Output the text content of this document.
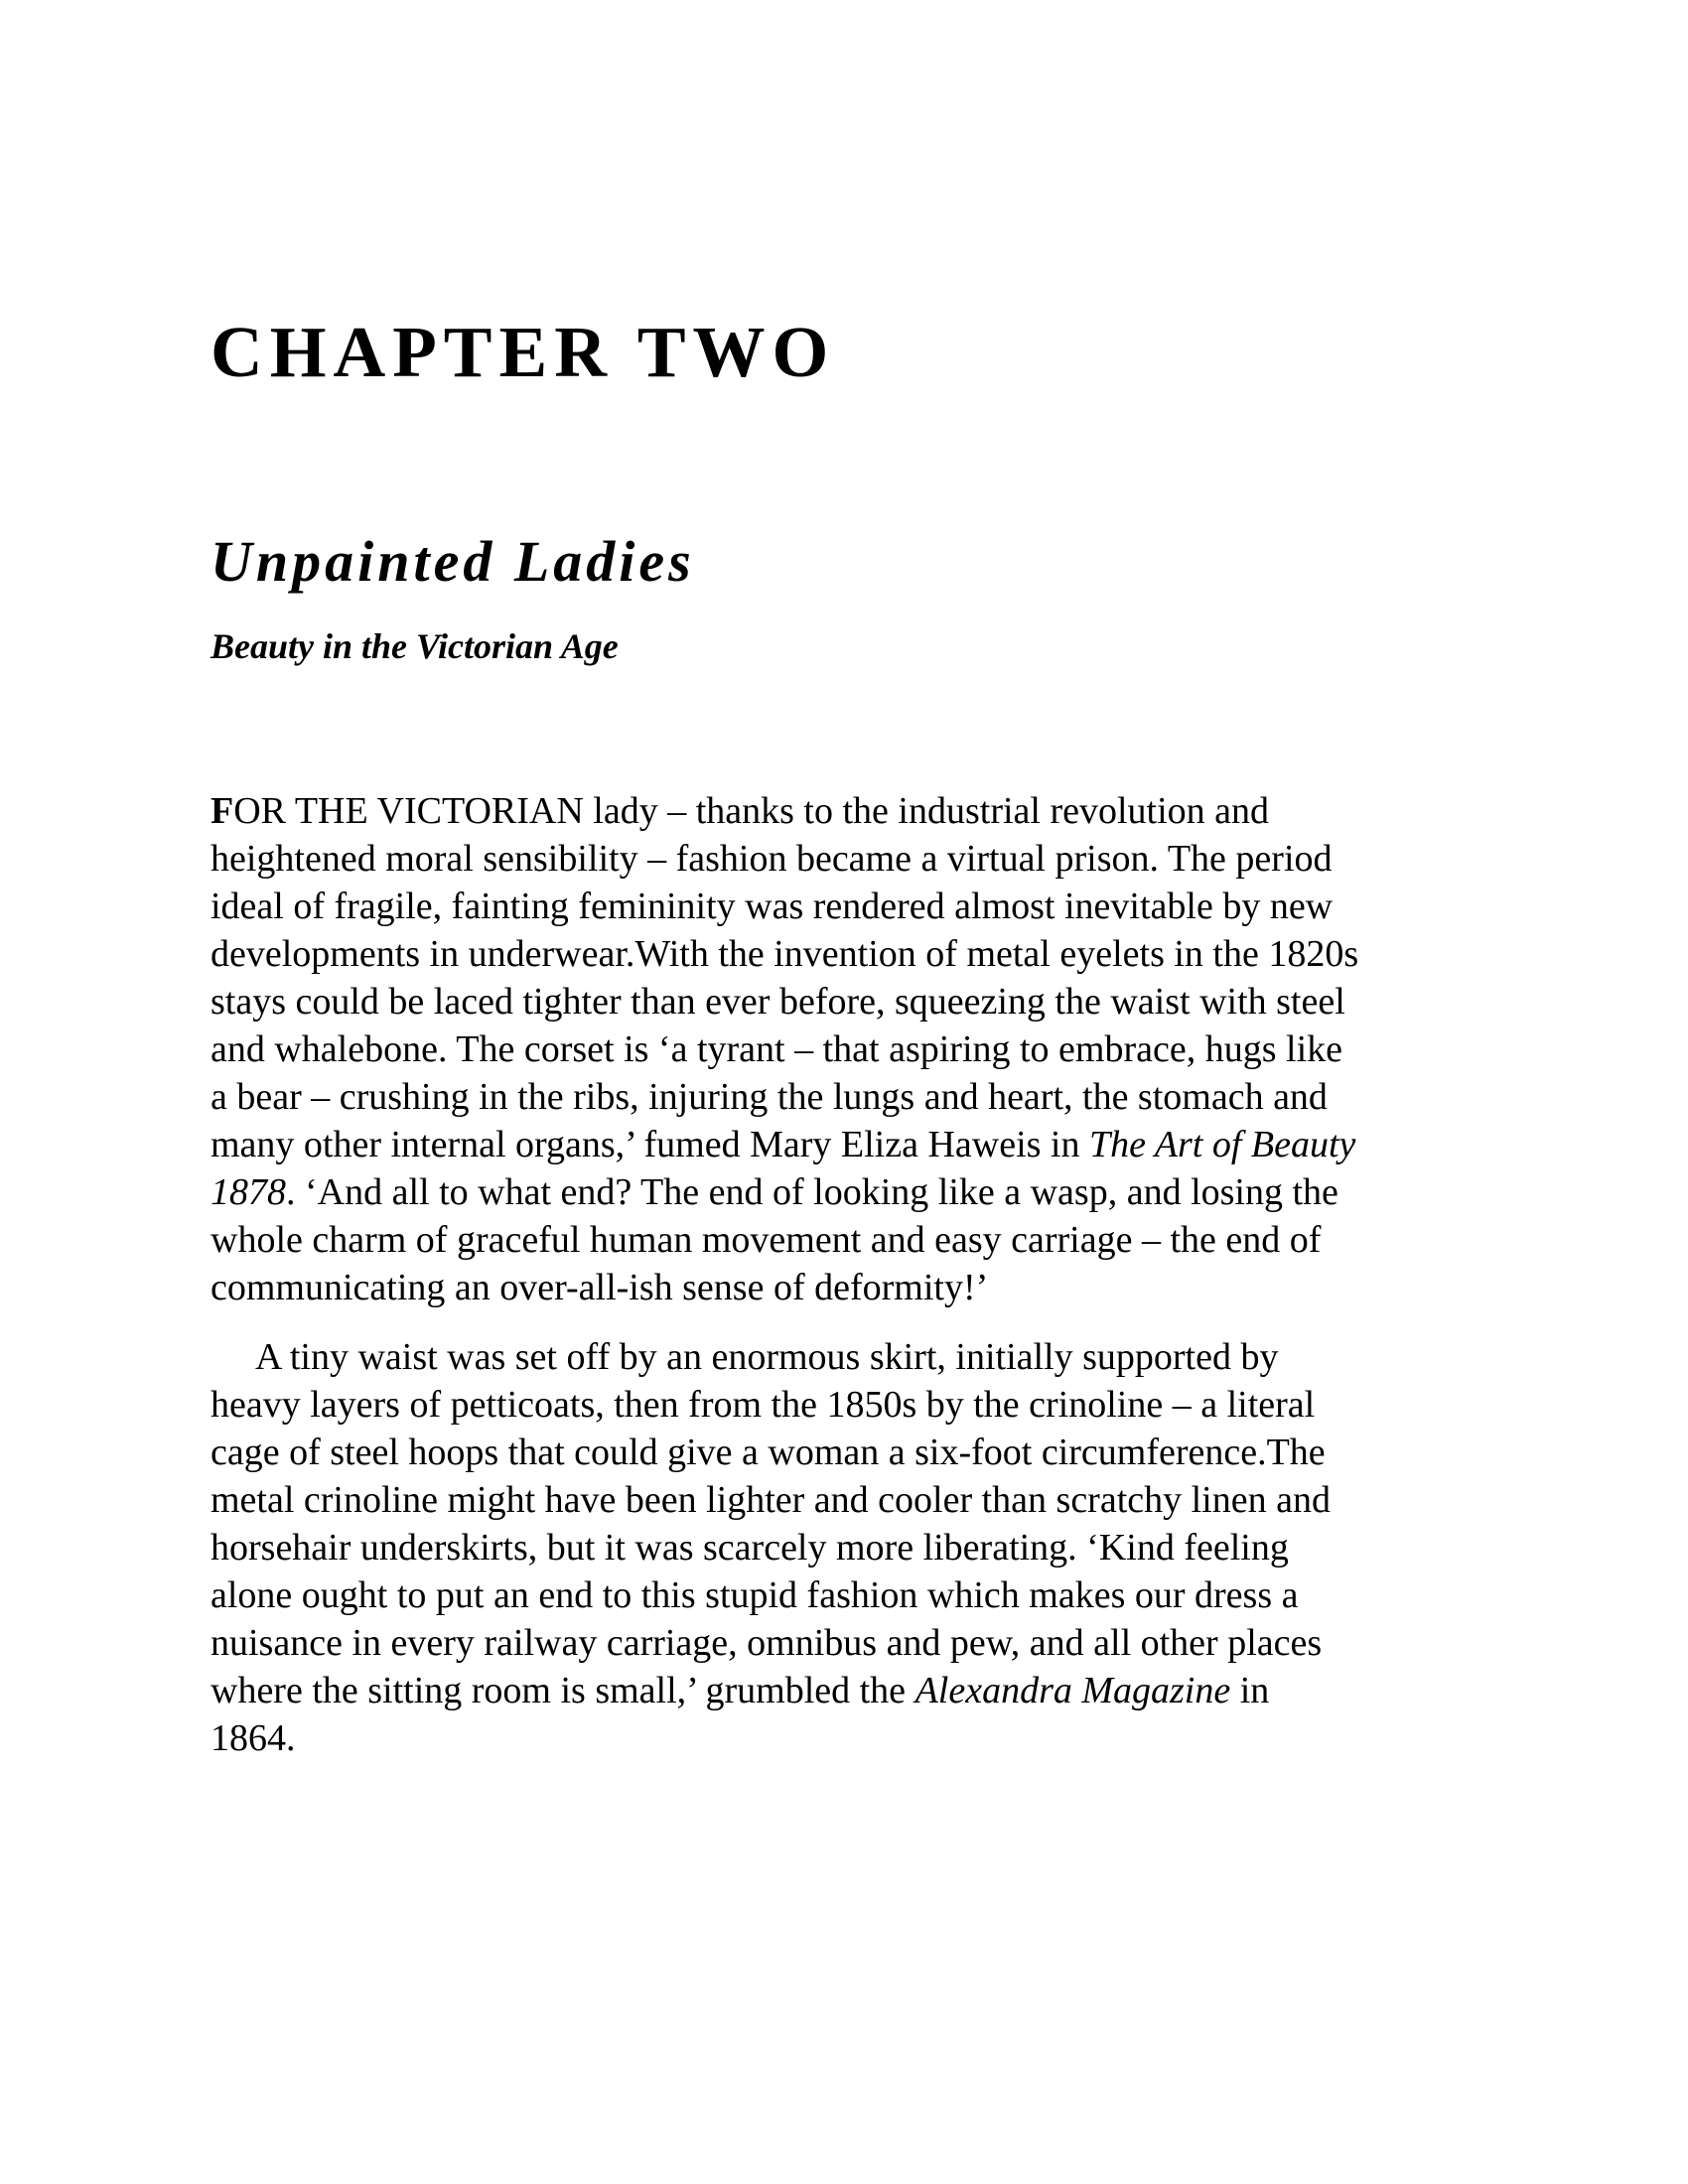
CHAPTER TWO
Unpainted Ladies
Beauty in the Victorian Age

FOR THE VICTORIAN lady – thanks to the industrial revolution and
heightened moral sensibility – fashion became a virtual prison. The period
ideal of fragile, fainting femininity was rendered almost inevitable by new
developments in underwear.With the invention of metal eyelets in the 1820s
stays could be laced tighter than ever before, squeezing the waist with steel
and whalebone. The corset is ‘a tyrant – that aspiring to embrace, hugs like
a bear – crushing in the ribs, injuring the lungs and heart, the stomach and
many other internal organs,’ fumed Mary Eliza Haweis in The Art of Beauty
1878. ‘And all to what end? The end of looking like a wasp, and losing the
whole charm of graceful human movement and easy carriage – the end of
communicating an over-all-ish sense of deformity!’

A tiny waist was set off by an enormous skirt, initially supported by
heavy layers of petticoats, then from the 1850s by the crinoline – a literal
cage of steel hoops that could give a woman a six-foot circumference.The
metal crinoline might have been lighter and cooler than scratchy linen and
horsehair underskirts, but it was scarcely more liberating. ‘Kind feeling
alone ought to put an end to this stupid fashion which makes our dress a
nuisance in every railway carriage, omnibus and pew, and all other places
where the sitting room is small,’ grumbled the Alexandra Magazine in
1864.
